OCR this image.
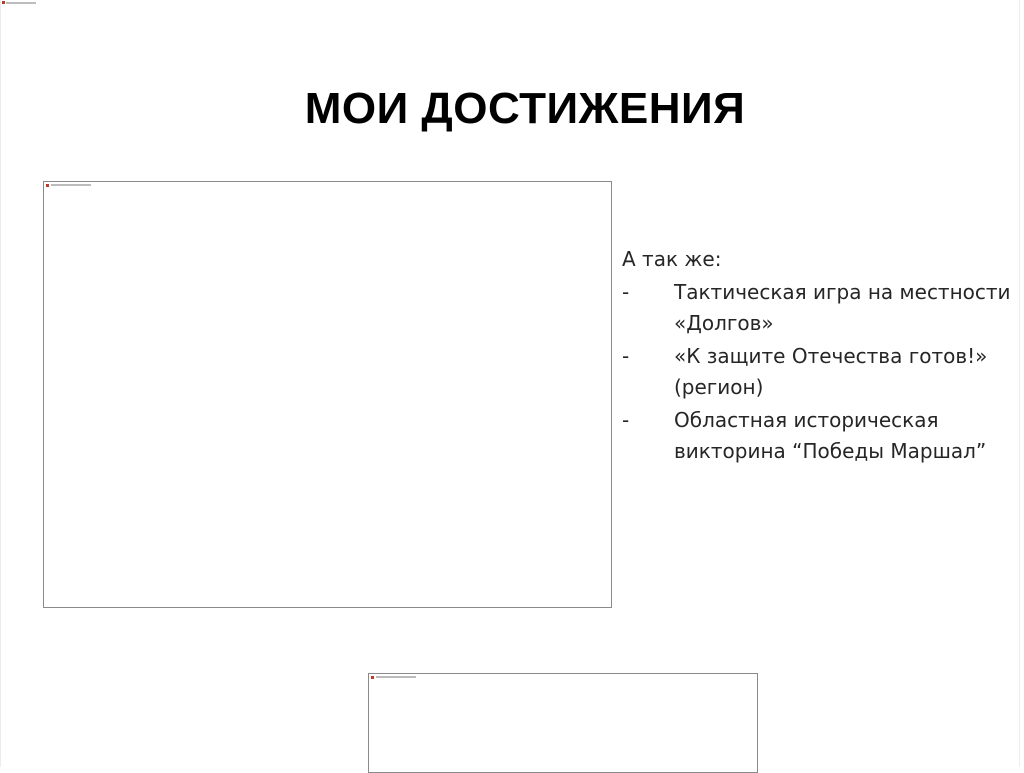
МОИ ДОСТИЖЕНИЯ
А так же:
- Тактическая игра на местности «Долгов»
- «К защите Отечества готов!» (регион)
- Областная историческая викторина “Победы Маршал”
